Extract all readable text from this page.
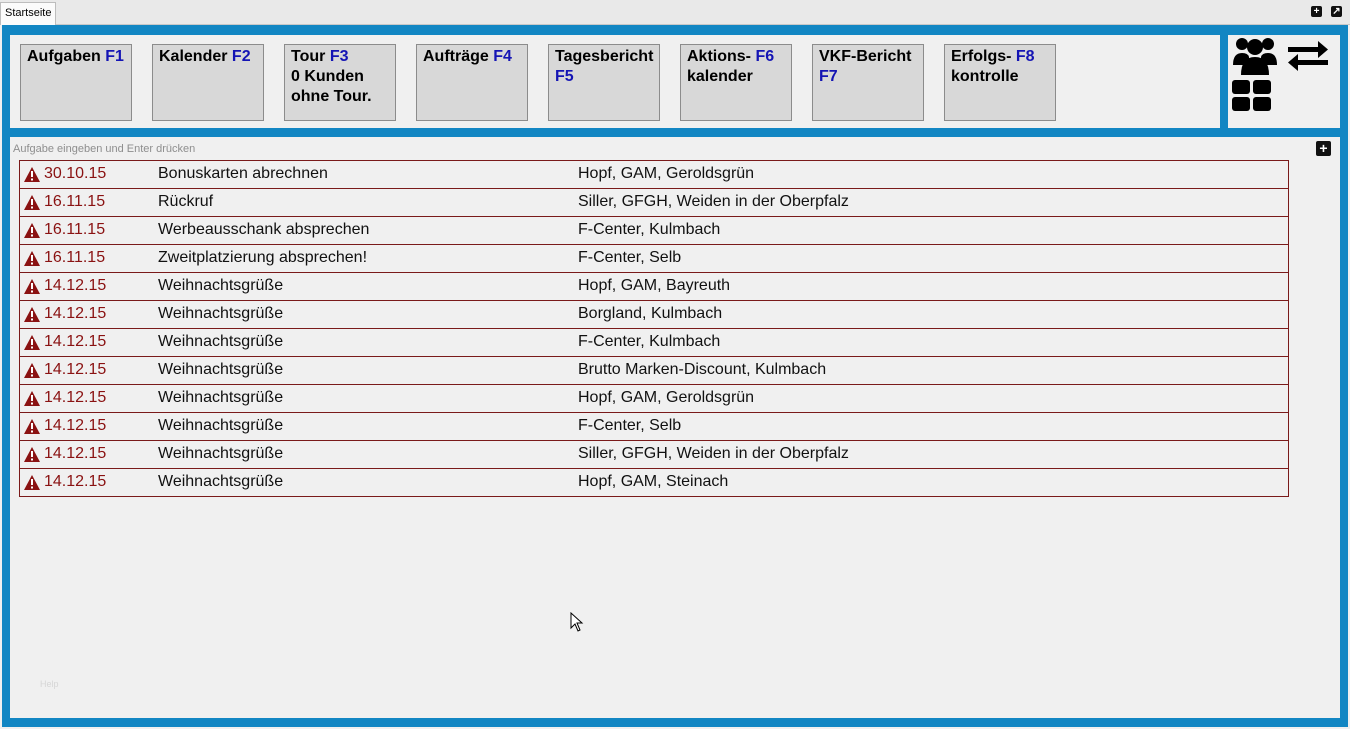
Startseite	+ ↗
Aufgaben F1 Kalender F2	Tour F3
0 Kunden
ohne Tour.
Aufträge F4	Tagesbericht
F5
Aktions- F6
kalender
VKF-Bericht
F7
Erfolgs- F8
kontrolle
Aufgabe eingeben und Enter drücken
+
30.10.15	Bonuskarten abrechnen	Hopf, GAM, Geroldsgrün
16.11.15	Rückruf	Siller, GFGH, Weiden in der Oberpfalz
16.11.15	Werbeausschank absprechen	F-Center, Kulmbach
16.11.15	Zweitplatzierung absprechen!	F-Center, Selb
14.12.15	Weihnachtsgrüße	Hopf, GAM, Bayreuth
14.12.15	Weihnachtsgrüße	Borgland, Kulmbach
14.12.15	Weihnachtsgrüße	F-Center, Kulmbach
14.12.15	Weihnachtsgrüße	Brutto Marken-Discount, Kulmbach
14.12.15	Weihnachtsgrüße	Hopf, GAM, Geroldsgrün
14.12.15	Weihnachtsgrüße	F-Center, Selb
14.12.15	Weihnachtsgrüße	Siller, GFGH, Weiden in der Oberpfalz
14.12.15	Weihnachtsgrüße	Hopf, GAM, Steinach
Help
